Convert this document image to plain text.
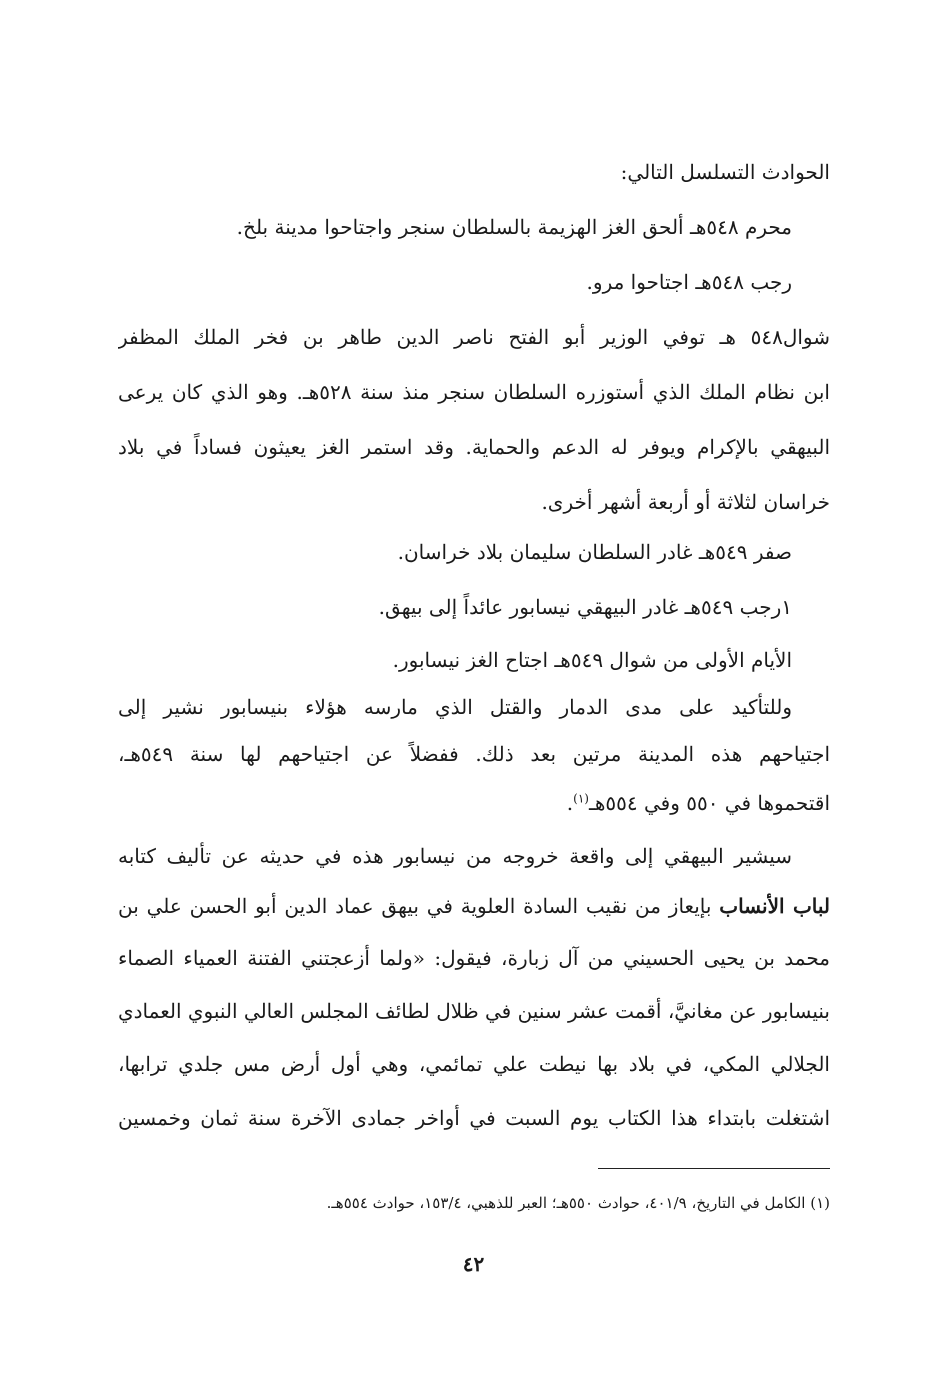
الحوادث التسلسل التالي:
محرم ٥٤٨هـ ألحق الغز الهزيمة بالسلطان سنجر واجتاحوا مدينة بلخ.
رجب ٥٤٨هـ اجتاحوا مرو.
شوال٥٤٨ هـ توفي الوزير أبو الفتح ناصر الدين طاهر بن فخر الملك المظفر
ابن نظام الملك الذي أستوزره السلطان سنجر منذ سنة ٥٢٨هـ. وهو الذي كان يرعى
البيهقي بالإكرام ويوفر له الدعم والحماية. وقد استمر الغز يعيثون فساداً في بلاد
خراسان لثلاثة أو أربعة أشهر أخرى.
صفر ٥٤٩هـ غادر السلطان سليمان بلاد خراسان.
١رجب ٥٤٩هـ غادر البيهقي نيسابور عائداً إلى بيهق.
الأيام الأولى من شوال ٥٤٩هـ اجتاح الغز نيسابور.
وللتأكيد على مدى الدمار والقتل الذي مارسه هؤلاء بنيسابور نشير إلى
اجتياحهم هذه المدينة مرتين بعد ذلك. ففضلاً عن اجتياحهم لها سنة ٥٤٩هـ،
اقتحموها في ٥٥٠ وفي ٥٥٤هـ$^{(١)}$.
سيشير البيهقي إلى واقعة خروجه من نيسابور هذه في حديثه عن تأليف كتابه
لباب الأنساب بإيعاز من نقيب السادة العلوية في بيهق عماد الدين أبو الحسن علي بن
محمد بن يحيى الحسيني من آل زبارة، فيقول: «ولما أزعجتني الفتنة العمياء الصماء
بنيسابور عن مغانيَّ، أقمت عشر سنين في ظلال لطائف المجلس العالي النبوي العمادي
الجلالي المكي، في بلاد بها نيطت علي تمائمي، وهي أول أرض مس جلدي ترابها،
اشتغلت بابتداء هذا الكتاب يوم السبت في أواخر جمادى الآخرة سنة ثمان وخمسين
(١) الكامل في التاريخ، ٤٠١/٩، حوادث ٥٥٠هـ؛ العبر للذهبي، ١٥٣/٤، حوادث ٥٥٤هـ.
٤٢
